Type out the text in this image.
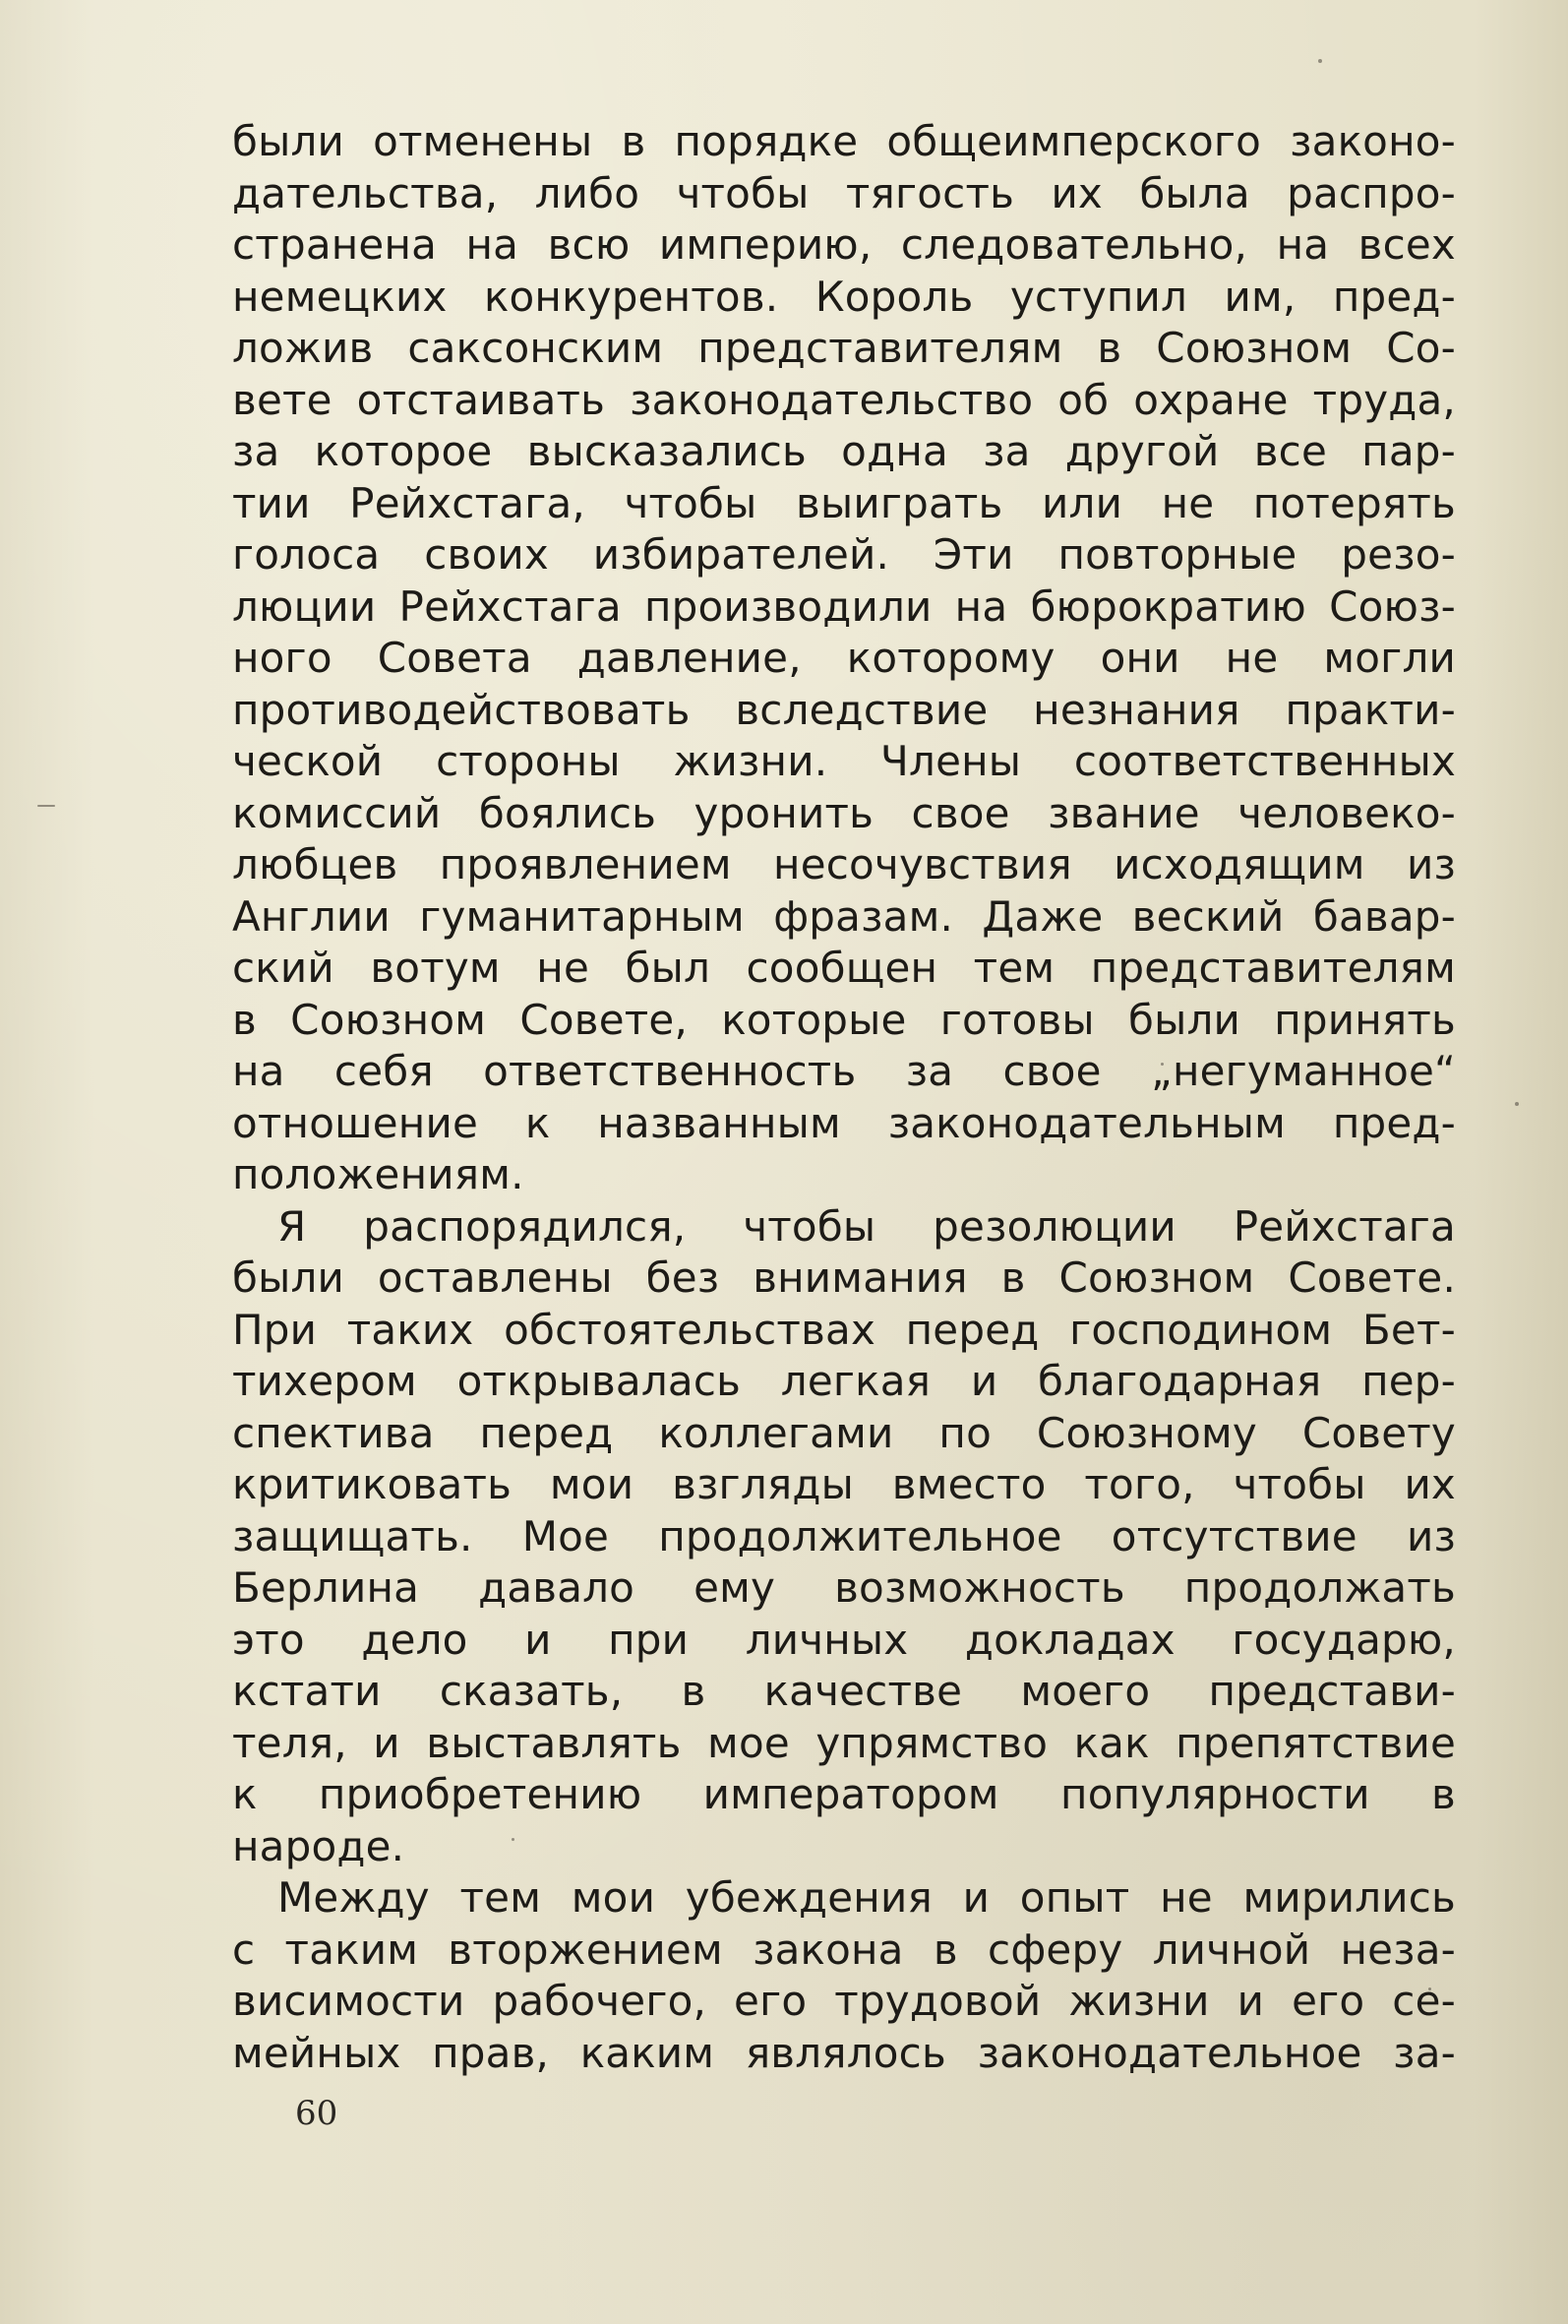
были отменены в порядке общеимперского законо-
дательства, либо чтобы тягость их была распро-
странена на всю империю, следовательно, на всех
немецких конкурентов. Король уступил им, пред-
ложив саксонским представителям в Союзном Со-
вете отстаивать законодательство об охране труда,
за которое высказались одна за другой все пар-
тии Рейхстага, чтобы выиграть или не потерять
голоса своих избирателей. Эти повторные резо-
люции Рейхстага производили на бюрократию Союз-
ного Совета давление, которому они не могли
противодействовать вследствие незнания практи-
ческой стороны жизни. Члены соответственных
комиссий боялись уронить свое звание человеко-
любцев проявлением несочувствия исходящим из
Англии гуманитарным фразам. Даже веский бавар-
ский вотум не был сообщен тем представителям
в Союзном Совете, которые готовы были принять
на себя ответственность за свое „негуманное“
отношение к названным законодательным пред-
положениям.
Я распорядился, чтобы резолюции Рейхстага
были оставлены без внимания в Союзном Совете.
При таких обстоятельствах перед господином Бет-
тихером открывалась легкая и благодарная пер-
спектива перед коллегами по Союзному Совету
критиковать мои взгляды вместо того, чтобы их
защищать. Мое продолжительное отсутствие из
Берлина давало ему возможность продолжать
это дело и при личных докладах государю,
кстати сказать, в качестве моего представи-
теля, и выставлять мое упрямство как препятствие
к приобретению императором популярности в
народе.
Между тем мои убеждения и опыт не мирились
с таким вторжением закона в сферу личной неза-
висимости рабочего, его трудовой жизни и его се-
мейных прав, каким являлось законодательное за-
60
